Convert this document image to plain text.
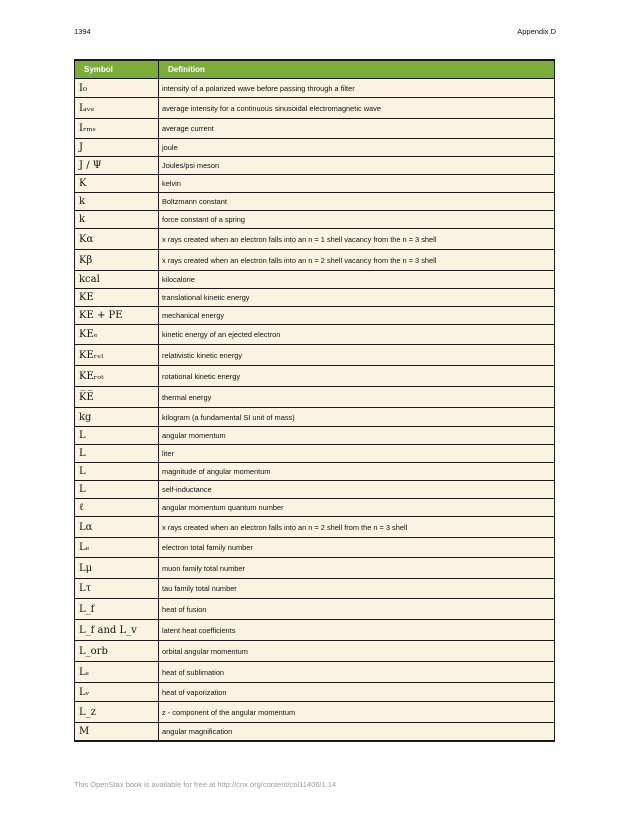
1394	Appendix D
Symbol	Definition
I₀	intensity of a polarized wave before passing through a filter
Iₐᵥₑ	average intensity for a continuous sinusoidal electromagnetic wave
Iᵣₘₛ	average current
J	joule
J / Ψ	Joules/psi meson
K	kelvin
k	Boltzmann constant
k	force constant of a spring
Kα	x rays created when an electron falls into an n = 1 shell vacancy from the n = 3 shell
Kβ	x rays created when an electron falls into an n = 2 shell vacancy from the n = 3 shell
kcal	kilocalorie
KE	translational kinetic energy
KE + PE	mechanical energy
KEₑ	kinetic energy of an ejected electron
KEᵣₑₗ	relativistic kinetic energy
KEᵣₒₜ	rotational kinetic energy
K̅E̅	thermal energy
kg	kilogram (a fundamental SI unit of mass)
L	angular momentum
L	liter
L	magnitude of angular momentum
L	self-inductance
ℓ	angular momentum quantum number
Lα	x rays created when an electron falls into an n = 2 shell from the n = 3 shell
Lₑ	electron total family number
Lμ	muon family total number
Lτ	tau family total number
L_f	heat of fusion
L_f and L_v	latent heat coefficients
L_orb	orbital angular momentum
Lₛ	heat of sublimation
Lᵥ	heat of vaporization
L_z	z - component of the angular momentum
M	angular magnification
This OpenStax book is available for free at http://cnx.org/content/col11406/1.14
